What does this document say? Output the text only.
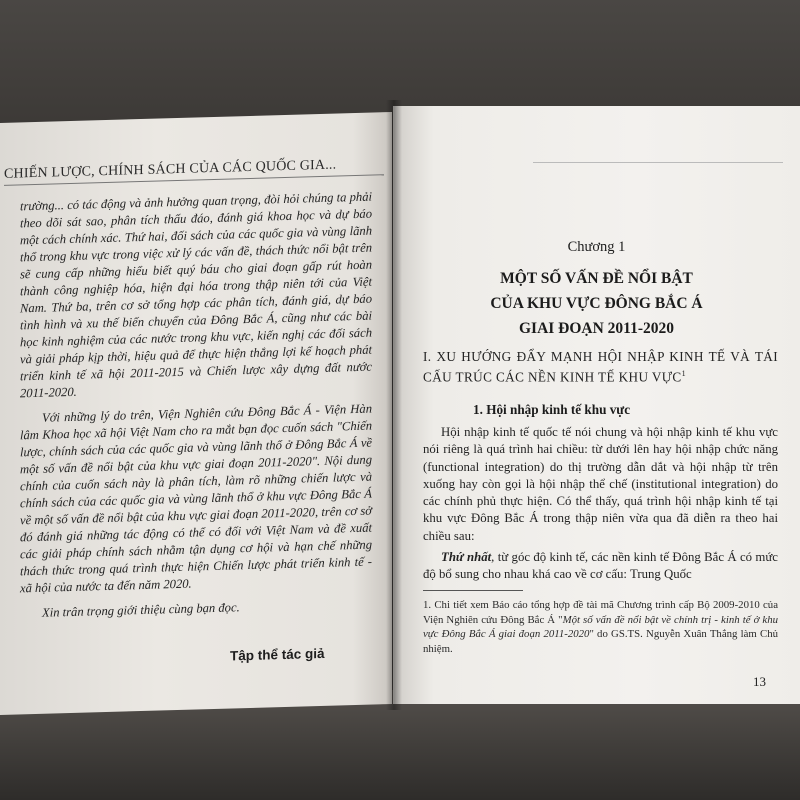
CHIẾN LƯỢC, CHÍNH SÁCH CỦA CÁC QUỐC GIA...

trường... có tác động và ảnh hưởng quan trọng, đòi hỏi chúng ta phải theo dõi sát sao, phân tích thấu đáo, đánh giá khoa học và dự báo một cách chính xác. Thứ hai, đối sách của các quốc gia và vùng lãnh thổ trong khu vực trong việc xử lý các vấn đề, thách thức nổi bật trên sẽ cung cấp những hiểu biết quý báu cho giai đoạn gấp rút hoàn thành công nghiệp hóa, hiện đại hóa trong thập niên tới của Việt Nam. Thứ ba, trên cơ sở tổng hợp các phân tích, đánh giá, dự báo tình hình và xu thế biến chuyển của Đông Bắc Á, cũng như các bài học kinh nghiệm của các nước trong khu vực, kiến nghị các đối sách và giải pháp kịp thời, hiệu quả để thực hiện thắng lợi kế hoạch phát triển kinh tế xã hội 2011-2015 và Chiến lược xây dựng đất nước 2011-2020.

Với những lý do trên, Viện Nghiên cứu Đông Bắc Á - Viện Hàn lâm Khoa học xã hội Việt Nam cho ra mắt bạn đọc cuốn sách "Chiến lược, chính sách của các quốc gia và vùng lãnh thổ ở Đông Bắc Á về một số vấn đề nổi bật của khu vực giai đoạn 2011-2020". Nội dung chính của cuốn sách này là phân tích, làm rõ những chiến lược và chính sách của các quốc gia và vùng lãnh thổ ở khu vực Đông Bắc Á về một số vấn đề nổi bật của khu vực giai đoạn 2011-2020, trên cơ sở đó đánh giá những tác động có thể có đối với Việt Nam và đề xuất các giải pháp chính sách nhằm tận dụng cơ hội và hạn chế những thách thức trong quá trình thực hiện Chiến lược phát triển kinh tế - xã hội của nước ta đến năm 2020.

Xin trân trọng giới thiệu cùng bạn đọc.

Tập thể tác giả
Chương 1
MỘT SỐ VẤN ĐỀ NỔI BẬT
CỦA KHU VỰC ĐÔNG BẮC Á
GIAI ĐOẠN 2011-2020
I. XU HƯỚNG ĐẨY MẠNH HỘI NHẬP KINH TẾ VÀ TÁI CẤU TRÚC CÁC NỀN KINH TẾ KHU VỰC$^1$
1. Hội nhập kinh tế khu vực

Hội nhập kinh tế quốc tế nói chung và hội nhập kinh tế khu vực nói riêng là quá trình hai chiều: từ dưới lên hay hội nhập chức năng (functional integration) do thị trường dẫn dắt và hội nhập từ trên xuống hay còn gọi là hội nhập thể chế (institutional integration) do các chính phủ thực hiện. Có thể thấy, quá trình hội nhập kinh tế tại khu vực Đông Bắc Á trong thập niên vừa qua đã diễn ra theo hai chiều sau:

Thứ nhất, từ góc độ kinh tế, các nền kinh tế Đông Bắc Á có mức độ bổ sung cho nhau khá cao về cơ cấu: Trung Quốc

1. Chi tiết xem Báo cáo tổng hợp đề tài mã Chương trình cấp Bộ 2009-2010 của Viện Nghiên cứu Đông Bắc Á "Một số vấn đề nổi bật về chính trị - kinh tế ở khu vực Đông Bắc Á giai đoạn 2011-2020" do GS.TS. Nguyễn Xuân Thắng làm Chủ nhiệm.
13
